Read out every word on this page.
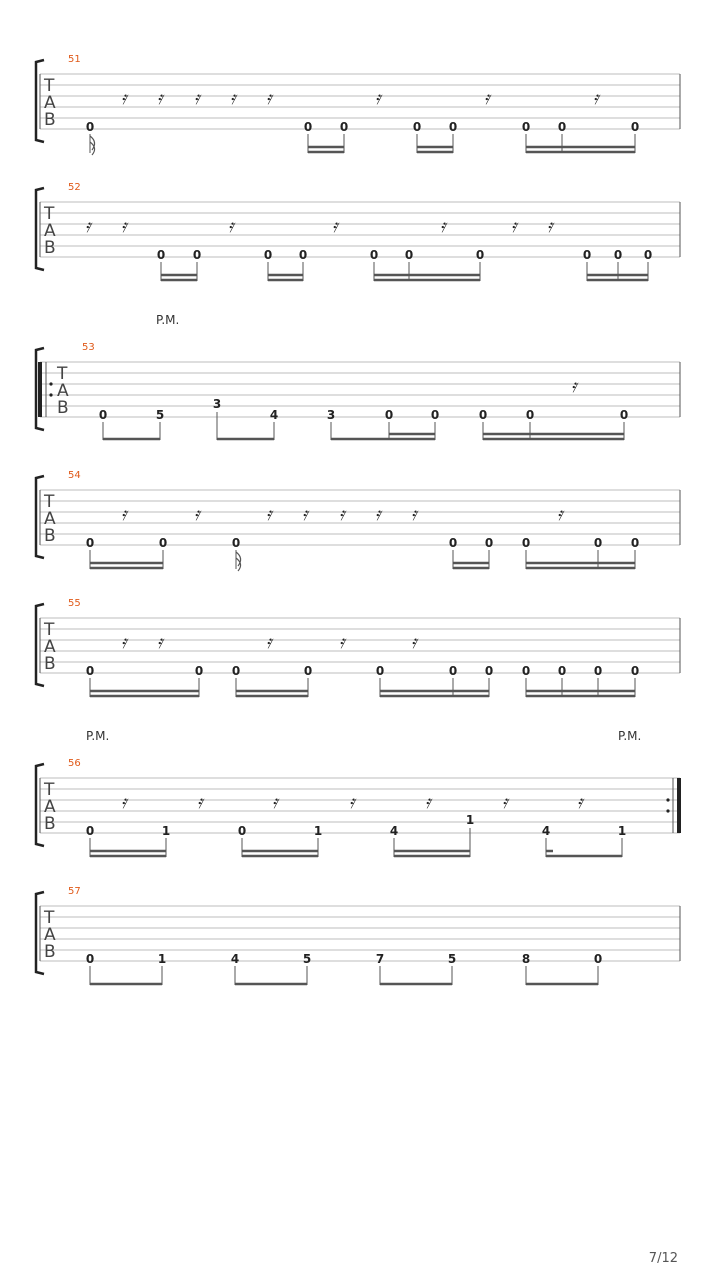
51
T
A
B
𝄿 𝄿 𝄿 𝄿 𝄿	𝄿	𝄿	𝄿
0	0 0	0 0	0 0	0
52
T
A
B
𝄿 𝄿	𝄿	𝄿	𝄿	𝄿 𝄿
0 0	0 0	0 0	0	0 0 0
P.M.
53
T
A
B
𝄿
0	5
3
4	3	0	0	0	0	0
54
T
A
B
𝄿	𝄿	𝄿 𝄿 𝄿 𝄿 𝄿	𝄿
0	0	0	0 0 0	0 0
55
T
A
B
𝄿 𝄿	𝄿	𝄿	𝄿
0	0 0	0	0	0 0 0 0 0 0
P.M.	P.M.
56
T
A
B
𝄿	𝄿	𝄿	𝄿	𝄿	𝄿	𝄿
0	1	0	1	4
1
4	1
57
T
A
B	0	1	4	5	7	5	8	0
7/12
